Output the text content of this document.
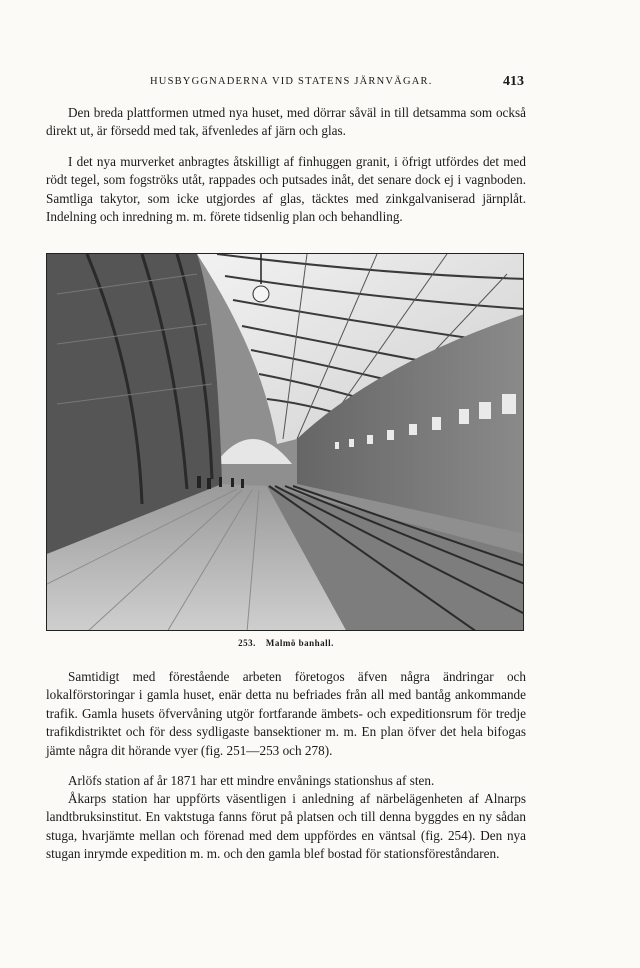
HUSBYGGNADERNA VID STATENS JÄRNVÄGAR.	413

Den breda plattformen utmed nya huset, med dörrar såväl in till detsamma som också direkt ut, är försedd med tak, äfvenledes af järn och glas.

I det nya murverket anbragtes åtskilligt af finhuggen granit, i öfrigt utfördes det med rödt tegel, som fogströks utåt, rappades och putsades inåt, det senare dock ej i vagnboden. Samtliga takytor, som icke utgjordes af glas, täcktes med zinkgalvaniserad järnplåt. Indelning och inredning m. m. förete tidsenlig plan och behandling.

253. Malmö banhall.

Samtidigt med förestående arbeten företogos äfven några ändringar och lokalförstoringar i gamla huset, enär detta nu befriades från all med bantåg ankommande trafik. Gamla husets öfvervåning utgör fortfarande ämbets- och expeditionsrum för tredje trafikdistriktet och för dess sydligaste bansektioner m. m. En plan öfver det hela bifogas jämte några dit hörande vyer (fig. 251—253 och 278).

Arlöfs station af år 1871 har ett mindre envånings stationshus af sten.

Åkarps station har uppförts väsentligen i anledning af närbelägenheten af Alnarps landtbruksinstitut. En vaktstuga fanns förut på platsen och till denna byggdes en ny sådan stuga, hvarjämte mellan och förenad med dem uppfördes en väntsal (fig. 254). Den nya stugan inrymde expedition m. m. och den gamla blef bostad för stationsföreståndaren.
